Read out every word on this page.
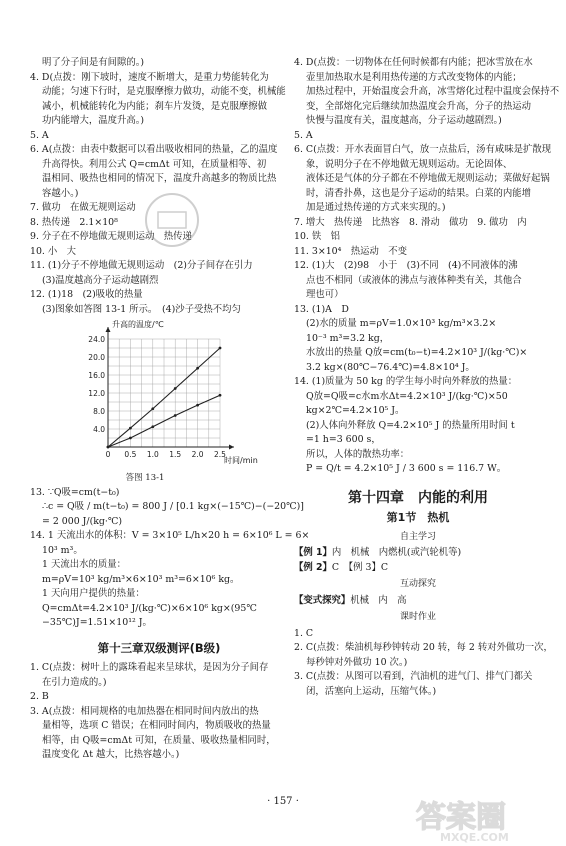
明了分子间是有间隙的。)
4. D(点拨：刚下坡时，速度不断增大，是重力势能转化为
动能；匀速下行时，是克服摩擦力做功，动能不变，机械能
减小，机械能转化为内能；刹车片发烫，是克服摩擦做
功内能增大，温度升高。)
5. A
6. A(点拨：由表中数据可以看出吸收相同的热量，乙的温度
升高得快。利用公式 Q=cmΔt 可知，在质量相等、初
温相同、吸热也相同的情况下，温度升高越多的物质比热
容越小。)
7. 做功　在做无规则运动
8. 热传递　2.1×10⁸
9. 分子在不停地做无规则运动　热传递
10. 小　大
11. (1)分子不停地做无规则运动　(2)分子间存在引力
(3)温度越高分子运动越剧烈
12. (1)18　(2)吸收的热量
(3)图象如答图 13-1 所示。　(4)沙子受热不均匀
升高的温度/℃
时间/min
4.0
8.0
12.0
16.0
20.0
24.0
0 0.5 1.0 1.5 2.0 2.5
答图 13-1
13. ∵Q吸=cm(t−t₀)
∴c = Q吸 / m(t−t₀) = 800 J / [0.1 kg×(−15℃)−(−20℃)]
= 2 000 J/(kg·℃)
14. 1 天流出水的体积：V = 3×10⁵ L/h×20 h = 6×10⁶ L = 6×
10³ m³。
1 天流出水的质量：
m=ρV=10³ kg/m³×6×10³ m³=6×10⁶ kg。
1 天向用户提供的热量：
Q=cmΔt=4.2×10³ J/(kg·℃)×6×10⁶ kg×(95℃
−35℃)J=1.51×10¹² J。
第十三章双级测评(B级)
1. C(点拨：树叶上的露珠看起来呈球状，是因为分子间存
在引力造成的。)
2. B
3. A(点拨：相同规格的电加热器在相同时间内放出的热
量相等，选项 C 错误；在相同时间内，物质吸收的热量
相等，由 Q吸=cmΔt 可知，在质量、吸收热量相同时，
温度变化 Δt 越大，比热容越小。)
4. D(点拨：一切物体在任何时候都有内能；把冰雪放在水
壶里加热取水是利用热传递的方式改变物体的内能；
加热过程中，开始温度会升高，冰雪熔化过程中温度会保持不
变，全部熔化完后继续加热温度会升高，分子的热运动
快慢与温度有关，温度越高，分子运动越剧烈。)
5. A
6. C(点拨：开水表面冒白气，放一点盐后，汤有咸味是扩散现
象，说明分子在不停地做无规则运动。无论固体、
液体还是气体的分子都在不停地做无规则运动；菜做好起锅
时，清香扑鼻，这也是分子运动的结果。白菜的内能增
加是通过热传递的方式来实现的。)
7. 增大　热传递　比热容　8. 滑动　做功　9. 做功　内
10. 铁　铝
11. 3×10⁴　热运动　不变
12. (1)大　(2)98　小于　(3)不同　(4)不同液体的沸
点也不相同（或液体的沸点与液体种类有关，其他合
理也可）
13. (1)A　D
(2)水的质量 m=ρV=1.0×10³ kg/m³×3.2×
10⁻³ m³=3.2 kg，
水放出的热量 Q放=cm(t₀−t)=4.2×10³ J/(kg·℃)×
3.2 kg×(80℃−76.4℃)=4.8×10⁴ J。
14. (1)质量为 50 kg 的学生每小时向外释放的热量：
Q放=Q吸=c水m水Δt=4.2×10³ J/(kg·℃)×50
kg×2℃=4.2×10⁵ J。
(2)人体向外释放 Q=4.2×10⁵ J 的热量所用时间 t
=1 h=3 600 s，
所以，人体的散热功率：
P = Q/t = 4.2×10⁵ J / 3 600 s = 116.7 W。
第十四章　内能的利用
第1节　热机
自主学习
【例 1】内　机械　内燃机(或汽轮机等)
【例 2】C　【例 3】C
互动探究
【变式探究】机械　内　高
课时作业
1. C
2. C(点拨：柴油机每秒钟转动 20 转，每 2 转对外做功一次，
每秒钟对外做功 10 次。)
3. C(点拨：从图可以看到，汽油机的进气门、排气门都关
闭，活塞向上运动，压缩气体。)
· 157 ·	答案圈
MXQE.COM
